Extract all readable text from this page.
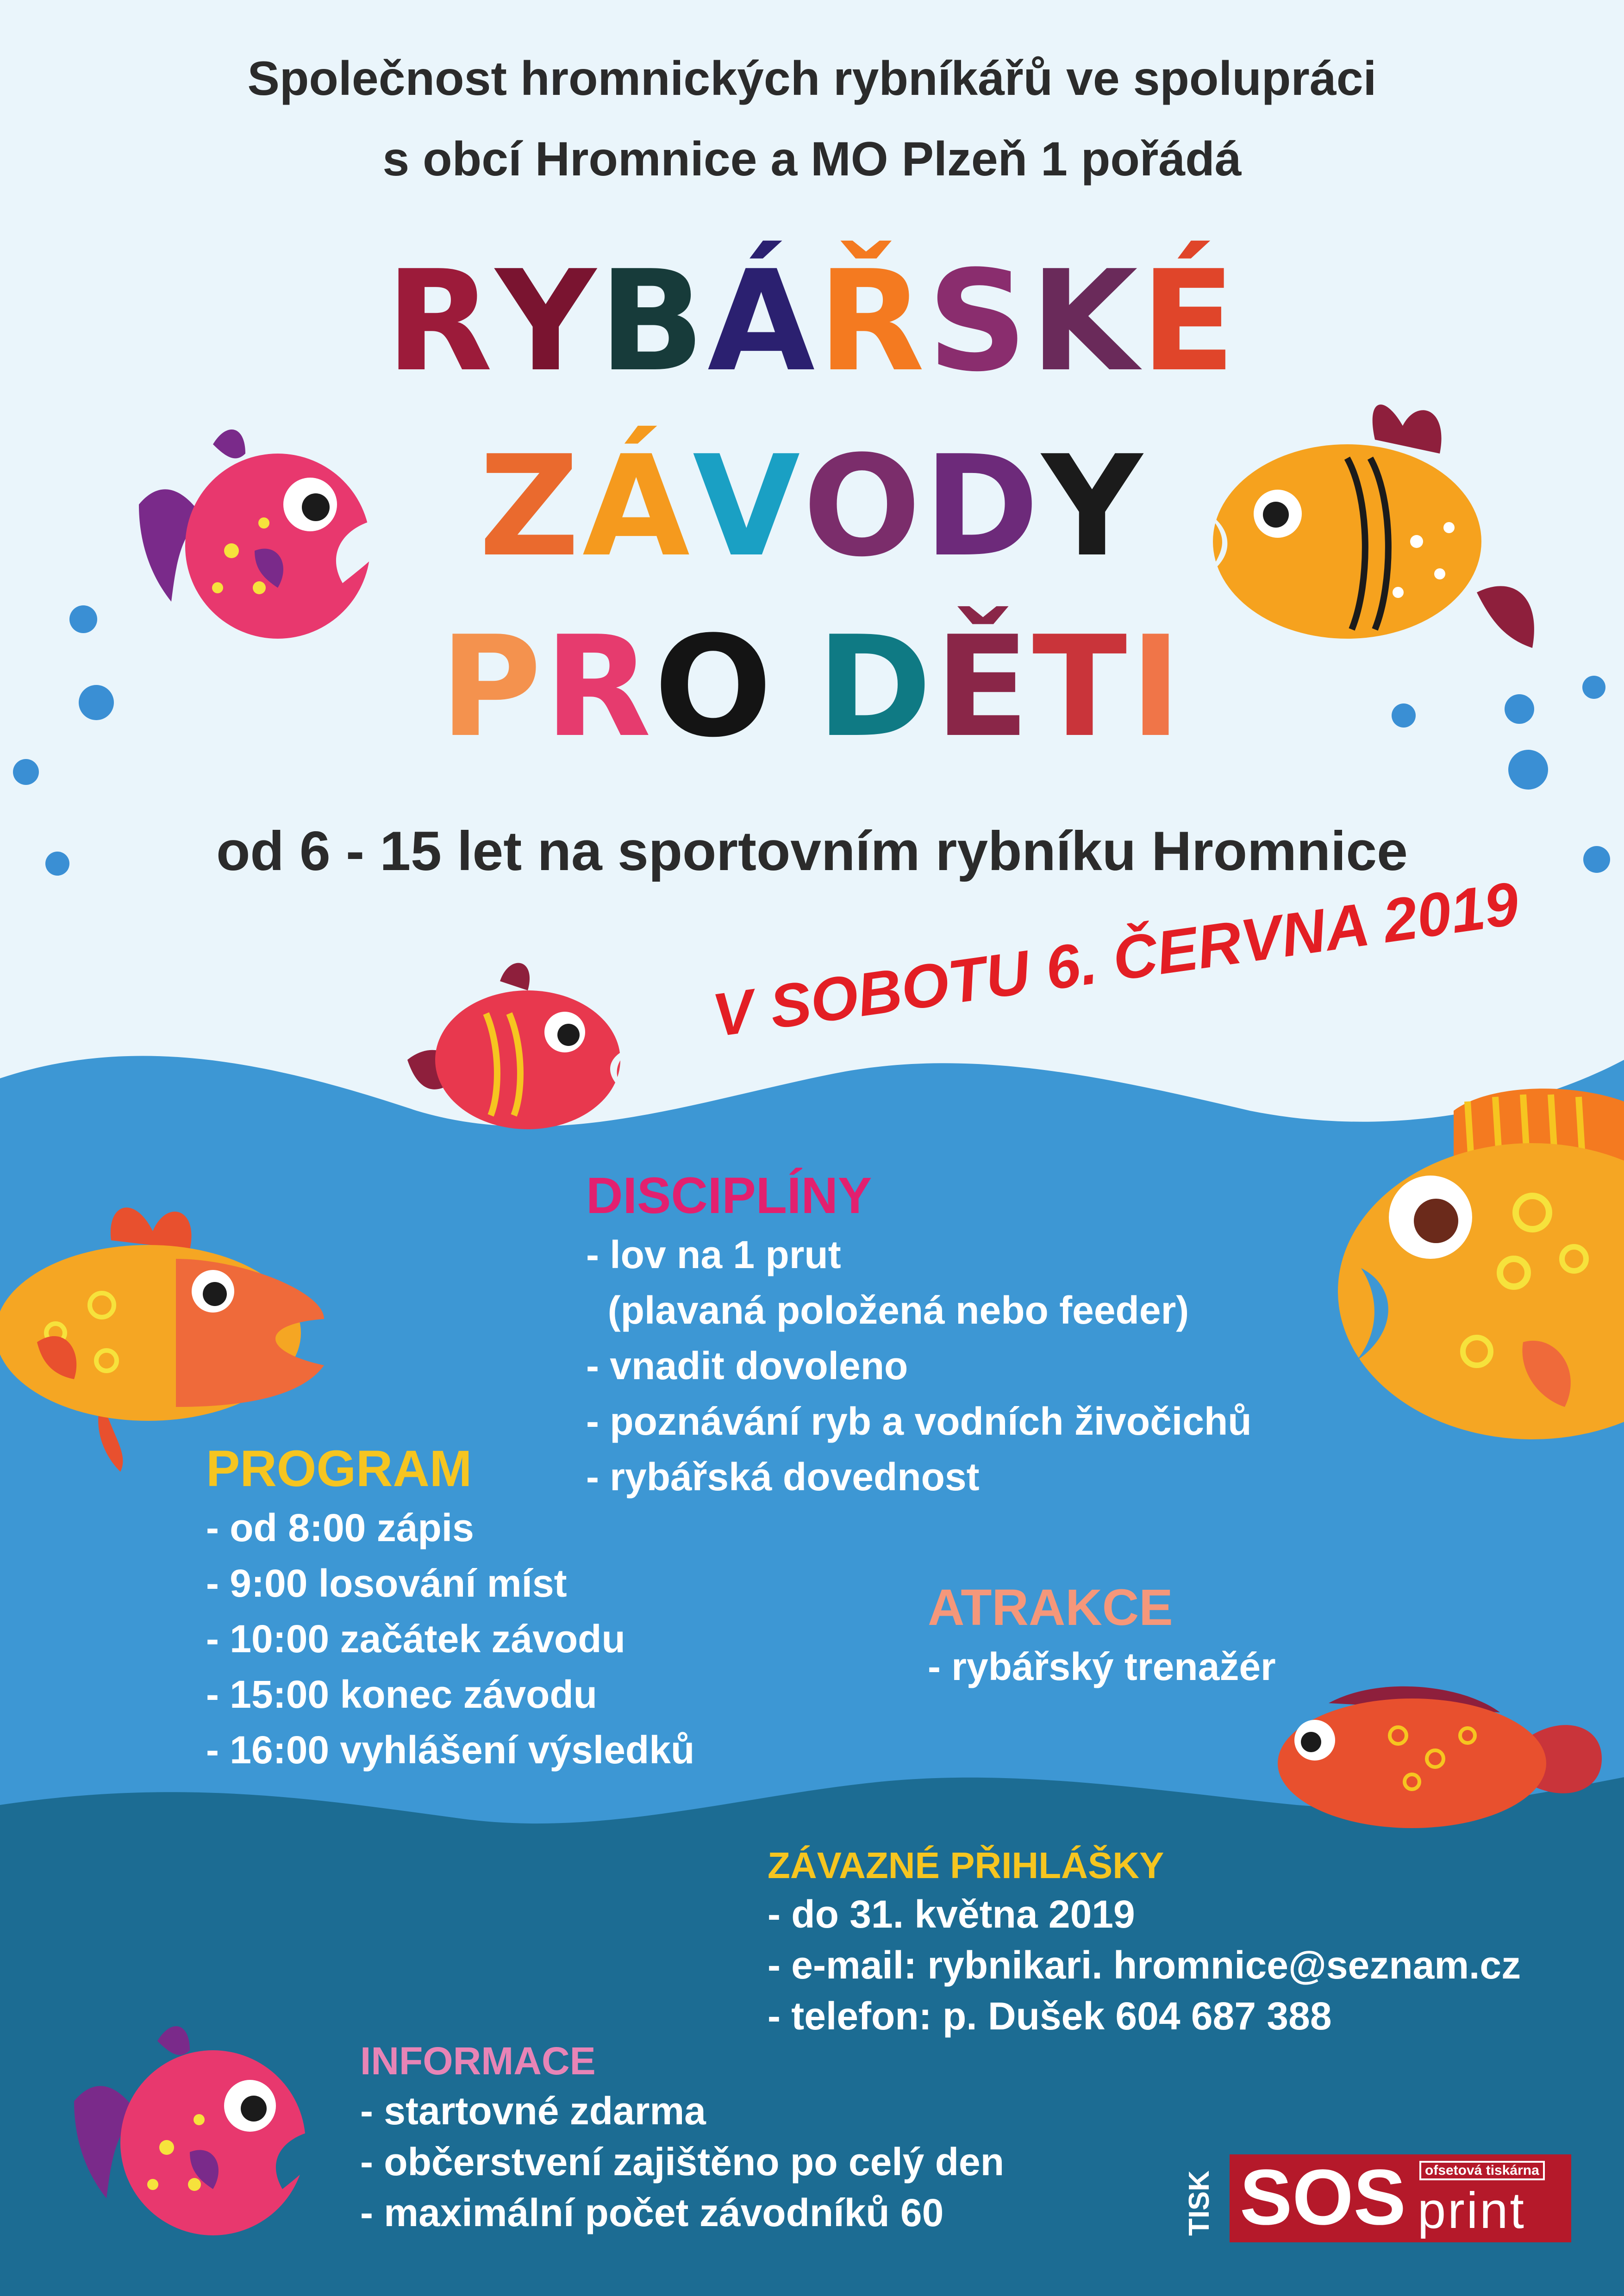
Společnost hromnických rybníkářů ve spolupráci
s obcí Hromnice a MO Plzeň 1 pořádá
RYBÁŘSKÉ
ZÁVODY
PRO DĚTI
od 6 - 15 let na sportovním rybníku Hromnice
V SOBOTU 6. ČERVNA 2019
DISCIPLÍNY
- lov na 1 prut
(plavaná položená nebo feeder)
- vnadit dovoleno
- poznávání ryb a vodních živočichů
- rybářská dovednost
PROGRAM
- od 8:00 zápis
- 9:00 losování míst
- 10:00 začátek závodu
- 15:00 konec závodu
- 16:00 vyhlášení výsledků
ATRAKCE
- rybářský trenažér
ZÁVAZNÉ PŘIHLÁŠKY
- do 31. května 2019
- e-mail: rybnikari. hromnice@seznam.cz
- telefon: p. Dušek 604 687 388
INFORMACE
- startovné zdarma
- občerstvení zajištěno po celý den
- maximální počet závodníků 60	TISK SOS	ofsetová tiskárna
print
